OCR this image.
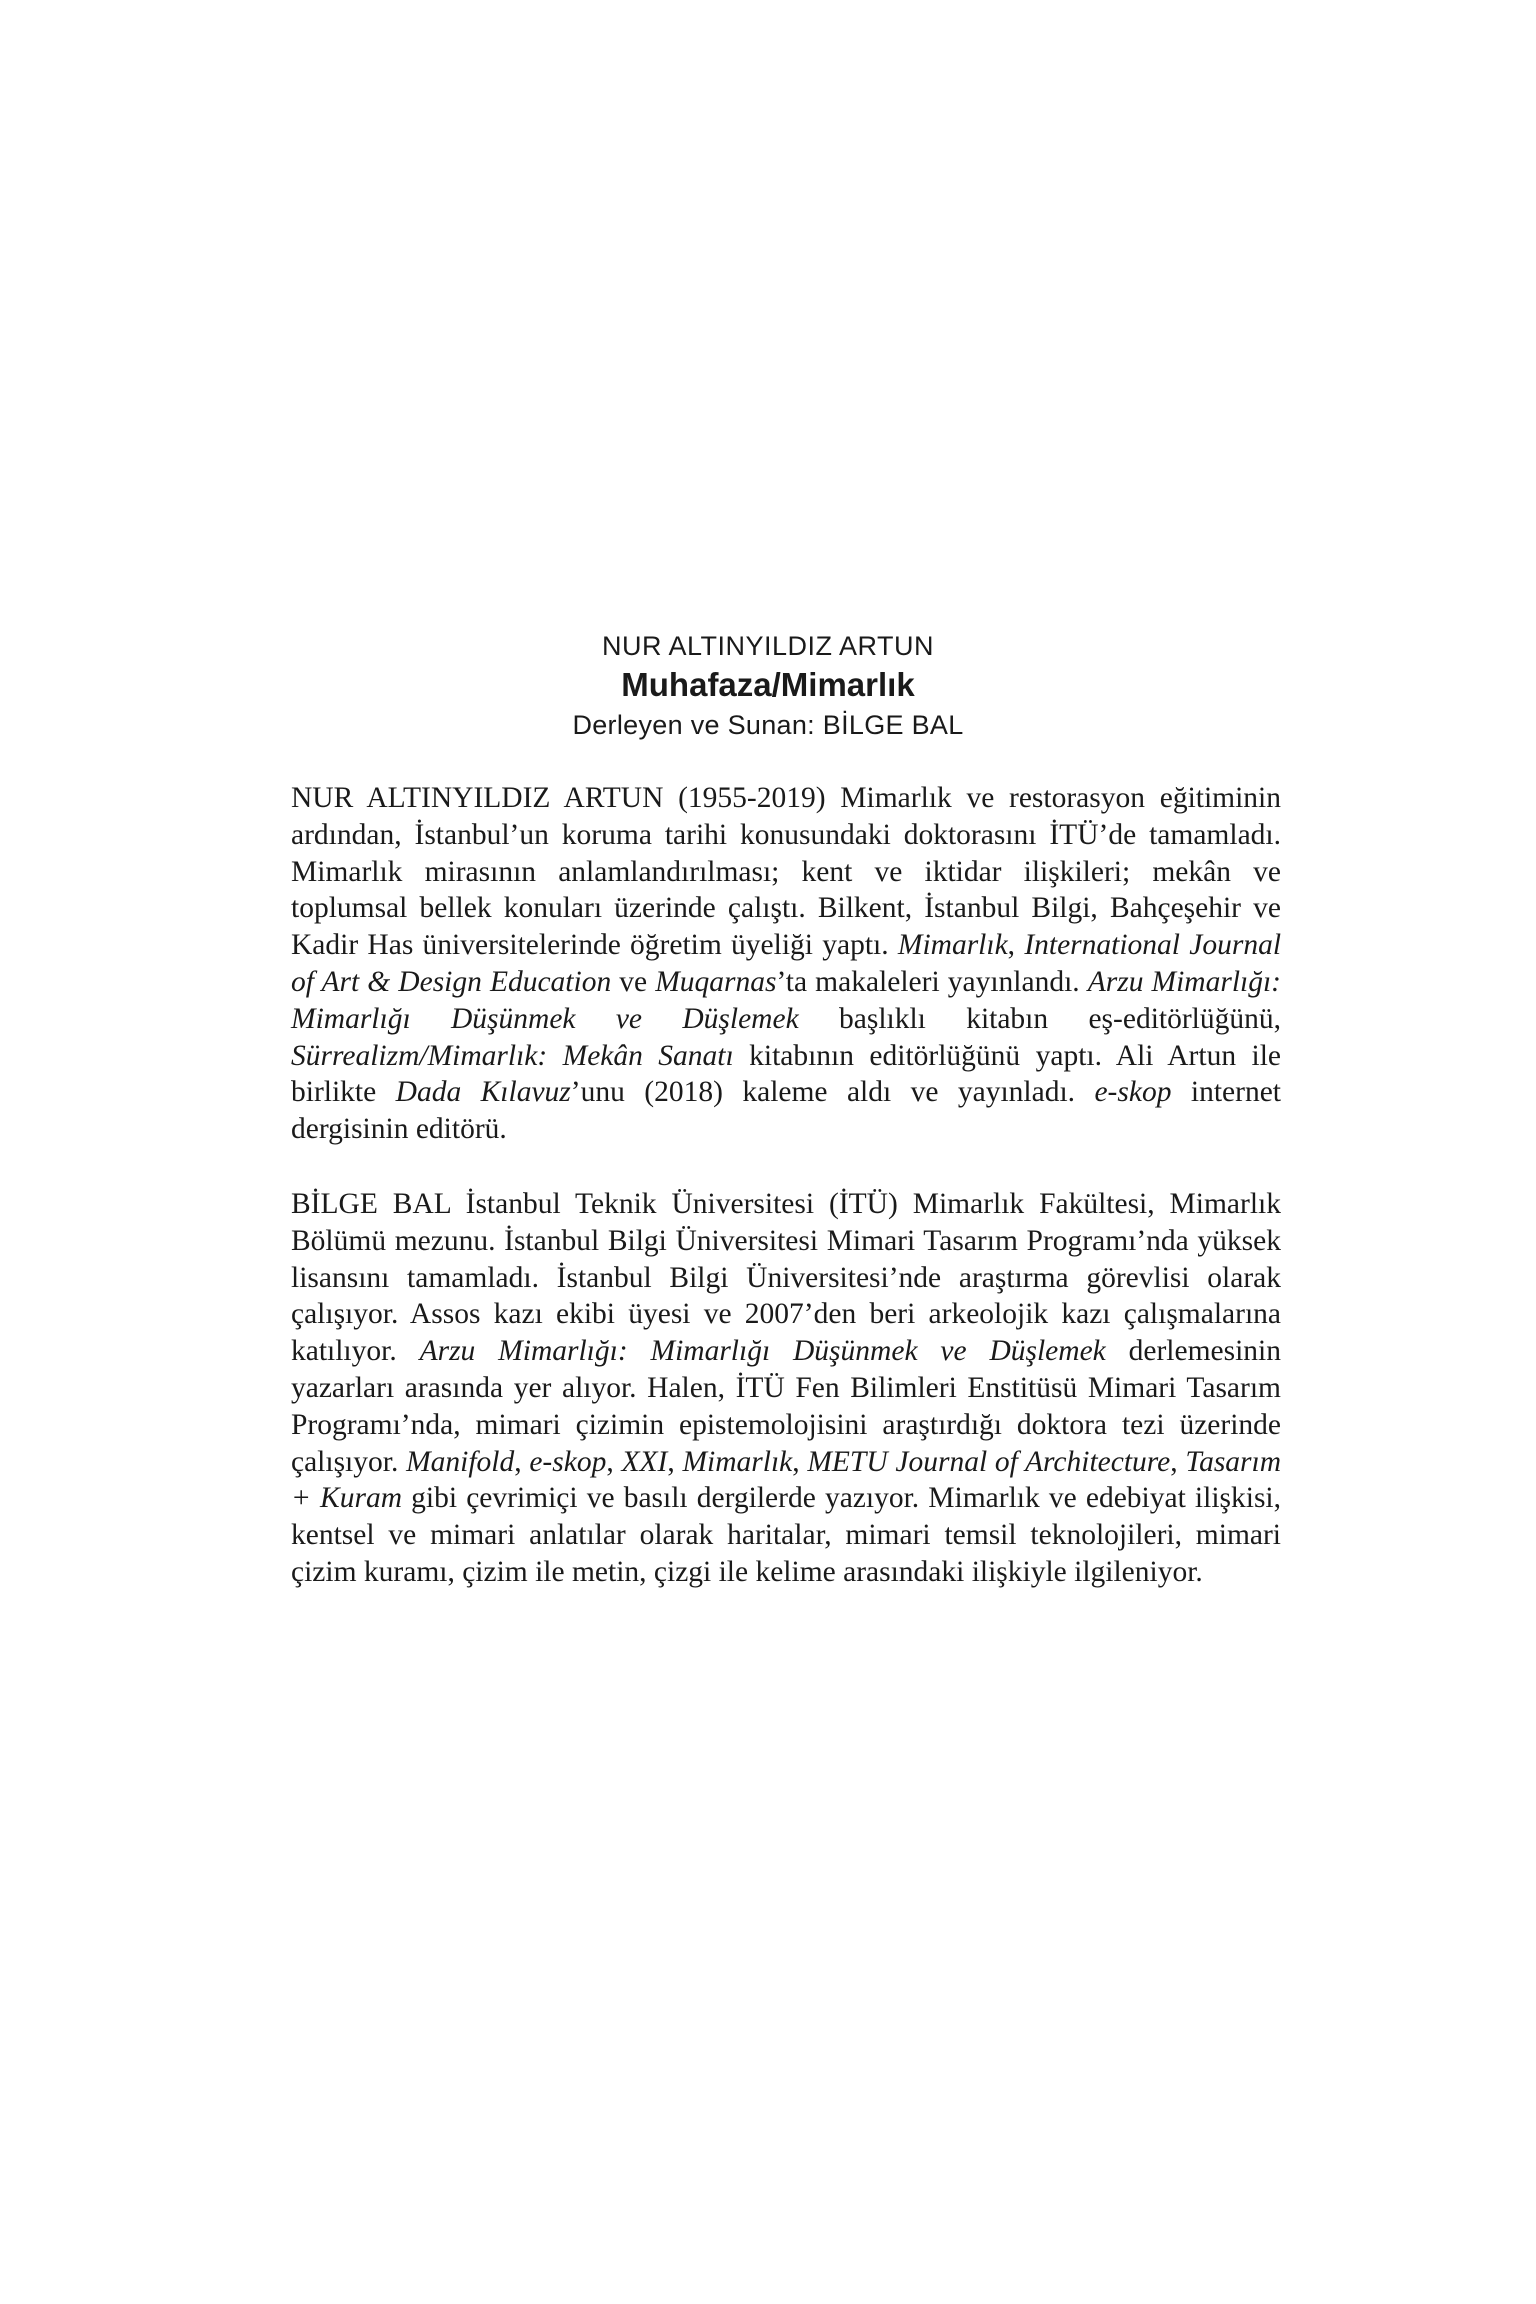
NUR ALTINYILDIZ ARTUN
Muhafaza/Mimarlık
Derleyen ve Sunan: BİLGE BAL

NUR ALTINYILDIZ ARTUN (1955-2019) Mimarlık ve restorasyon eğitiminin ardından, İstanbul’un koruma tarihi konusundaki doktorasını İTÜ’de tamamladı. Mimarlık mirasının anlamlandırılması; kent ve iktidar ilişkileri; mekân ve toplumsal bellek konuları üzerinde çalıştı. Bilkent, İstanbul Bilgi, Bahçeşehir ve Kadir Has üniversitelerinde öğretim üyeliği yaptı. Mimarlık, International Journal of Art & Design Education ve Muqarnas’ta makaleleri yayınlandı. Arzu Mimarlığı: Mimarlığı Düşünmek ve Düşlemek başlıklı kitabın eş-editörlüğünü, Sürrealizm/Mimarlık: Mekân Sanatı kitabının editörlüğünü yaptı. Ali Artun ile birlikte Dada Kılavuz’unu (2018) kaleme aldı ve yayınladı. e-skop internet dergisinin editörü.

BİLGE BAL İstanbul Teknik Üniversitesi (İTÜ) Mimarlık Fakültesi, Mimarlık Bölümü mezunu. İstanbul Bilgi Üniversitesi Mimari Tasarım Programı’nda yüksek lisansını tamamladı. İstanbul Bilgi Üniversitesi’nde araştırma görevlisi olarak çalışıyor. Assos kazı ekibi üyesi ve 2007’den beri arkeolojik kazı çalışmalarına katılıyor. Arzu Mimarlığı: Mimarlığı Düşünmek ve Düşlemek derlemesinin yazarları arasında yer alıyor. Halen, İTÜ Fen Bilimleri Enstitüsü Mimari Tasarım Programı’nda, mimari çizimin epistemolojisini araştırdığı doktora tezi üzerinde çalışıyor. Manifold, e-skop, XXI, Mimarlık, METU Journal of Architecture, Tasarım + Kuram gibi çevrimiçi ve basılı dergilerde yazıyor. Mimarlık ve edebiyat ilişkisi, kentsel ve mimari anlatılar olarak haritalar, mimari temsil teknolojileri, mimari çizim kuramı, çizim ile metin, çizgi ile kelime arasındaki ilişkiyle ilgileniyor.
